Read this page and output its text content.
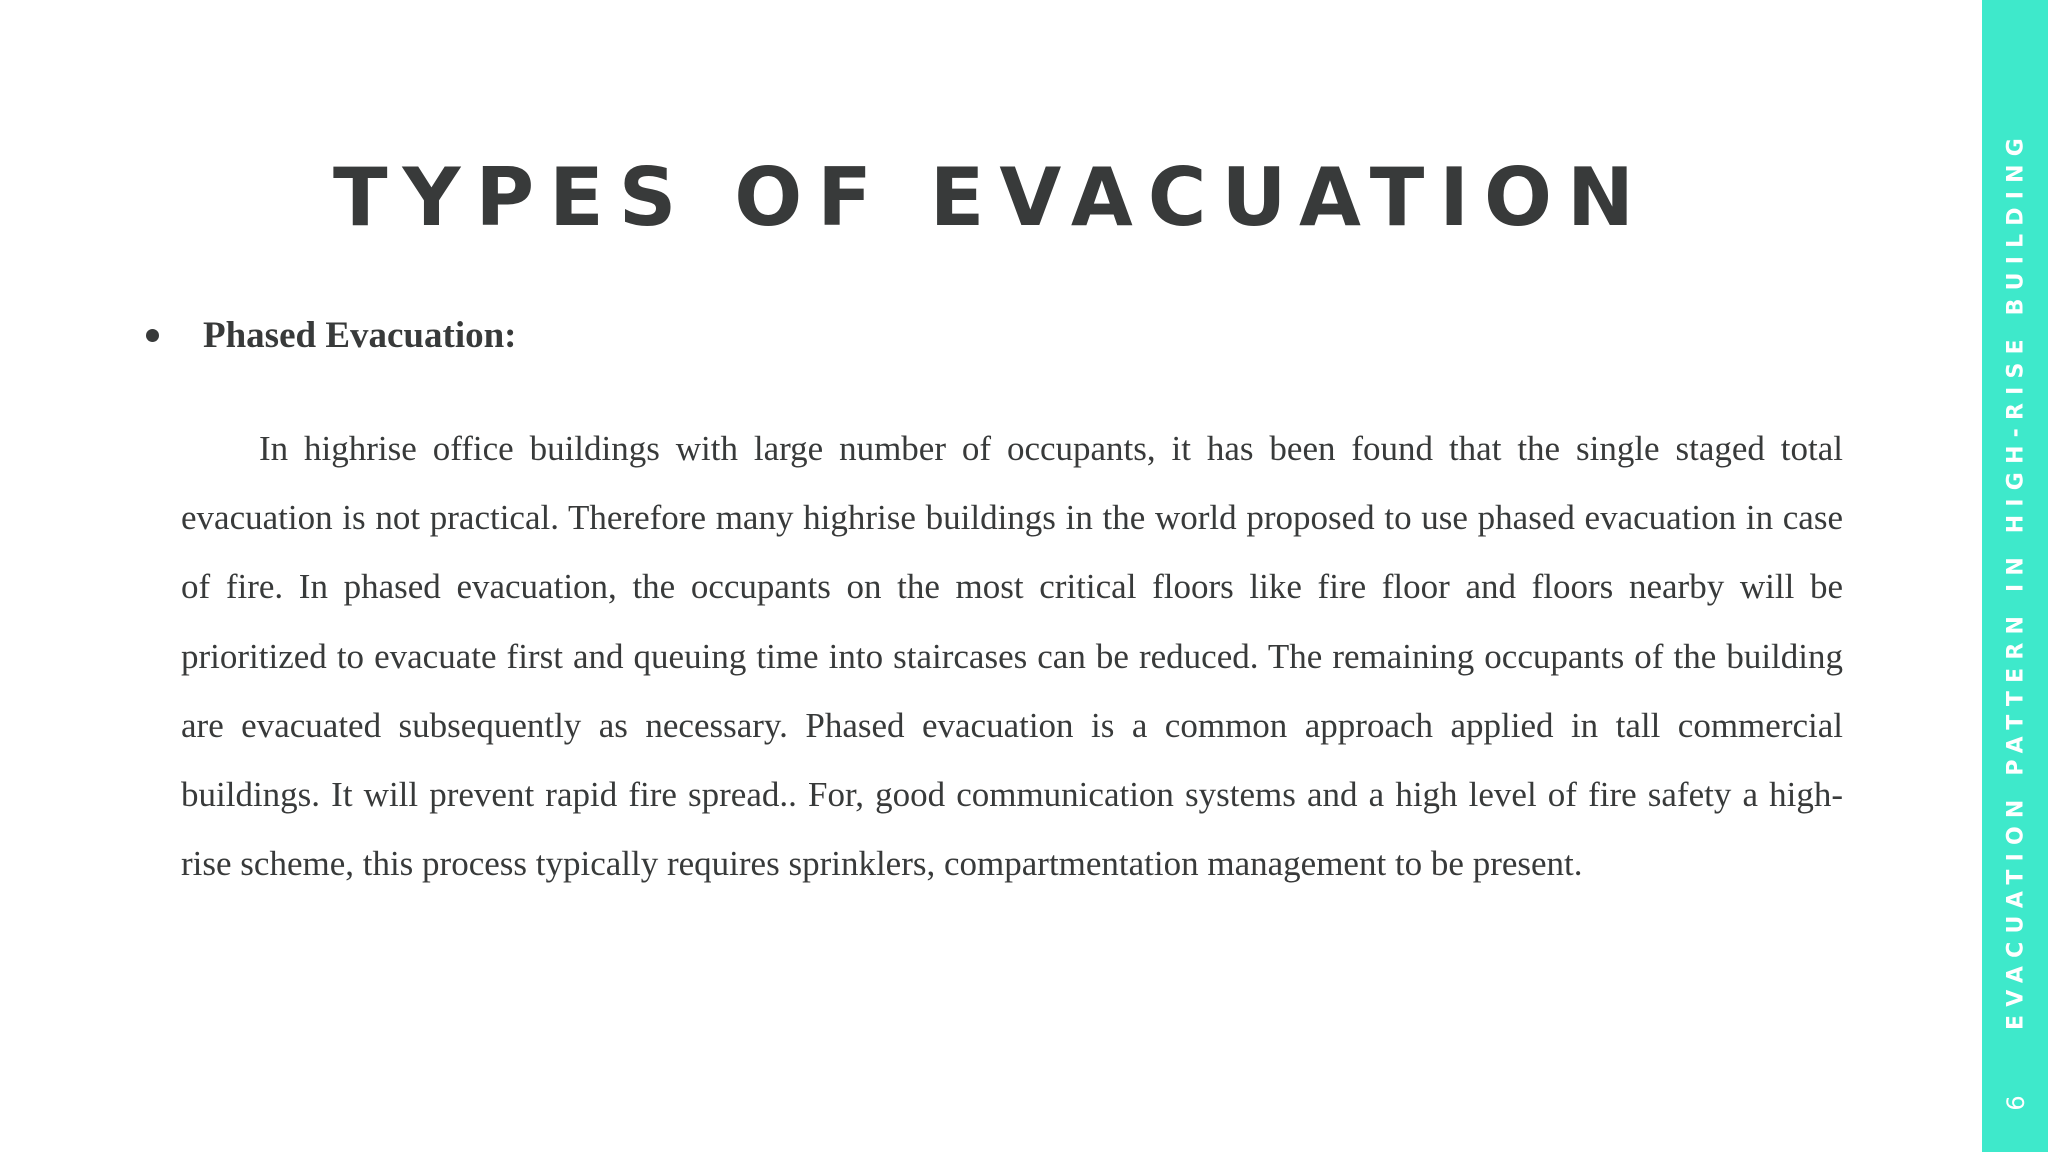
TYPES OF EVACUATION
Phased Evacuation:

In highrise office buildings with large number of occupants, it has been found that the single staged total evacuation is not practical. Therefore many highrise buildings in the world proposed to use phased evacuation in case of fire. In phased evacuation, the occupants on the most critical floors like fire floor and floors nearby will be prioritized to evacuate first and queuing time into staircases can be reduced. The remaining occupants of the building are evacuated subsequently as necessary. Phased evacuation is a common approach applied in tall commercial buildings. It will prevent rapid fire spread.. For, good communication systems and a high level of fire safety a high-rise scheme, this process typically requires sprinklers, compartmentation management to be present.	EVACUATION PATTERN IN HIGH-RISE BUILDING
6
